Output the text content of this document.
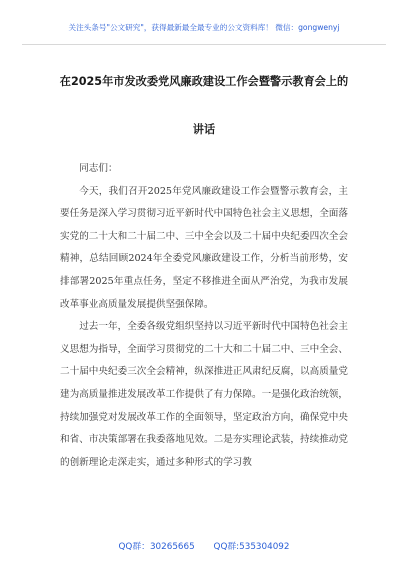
关注头条号"公文研究"，获得最新最全最专业的公文资料库！ 微信：gongwenyj
在2025年市发改委党风廉政建设工作会暨警示教育会上的
讲话

同志们：

今天，我们召开2025年党风廉政建设工作会暨警示教育会，主要任务是深入学习贯彻习近平新时代中国特色社会主义思想，全面落实党的二十大和二十届二中、三中全会以及二十届中央纪委四次全会精神，总结回顾2024年全委党风廉政建设工作，分析当前形势，安排部署2025年重点任务，坚定不移推进全面从严治党，为我市发展改革事业高质量发展提供坚强保障。

过去一年，全委各级党组织坚持以习近平新时代中国特色社会主义思想为指导，全面学习贯彻党的二十大和二十届二中、三中全会、二十届中央纪委三次全会精神，纵深推进正风肃纪反腐，以高质量党建为高质量推进发展改革工作提供了有力保障。一是强化政治统领，持续加强党对发展改革工作的全面领导，坚定政治方向，确保党中央和省、市决策部署在我委落地见效。二是夯实理论武装，持续推动党的创新理论走深走实，通过多种形式的学习教

QQ群：30265665 QQ群:535304092
